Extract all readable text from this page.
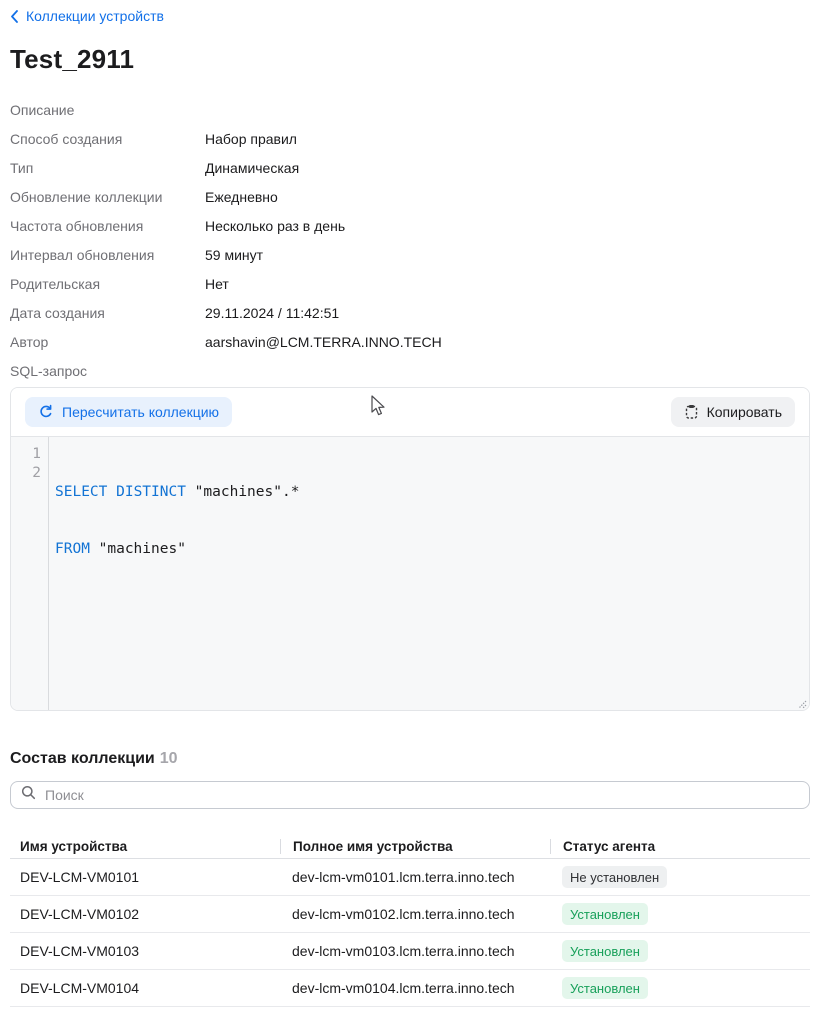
Коллекции устройств
Test_2911
Описание
Способ создания	Набор правил
Тип	Динамическая
Обновление коллекции	Ежедневно
Частота обновления	Несколько раз в день
Интервал обновления	59 минут
Родительская	Нет
Дата создания	29.11.2024 / 11:42:51
Автор	aarshavin@LCM.TERRA.INNO.TECH
SQL-запрос
Пересчитать коллекцию	Копировать
1
2

SELECT DISTINCT "machines".*

FROM "machines"

Состав коллекции 10
Поиск
Имя устройства	Полное имя устройства	Статус агента
DEV-LCM-VM0101	dev-lcm-vm0101.lcm.terra.inno.tech	Не установлен
DEV-LCM-VM0102	dev-lcm-vm0102.lcm.terra.inno.tech	Установлен
DEV-LCM-VM0103	dev-lcm-vm0103.lcm.terra.inno.tech	Установлен
DEV-LCM-VM0104	dev-lcm-vm0104.lcm.terra.inno.tech	Установлен
